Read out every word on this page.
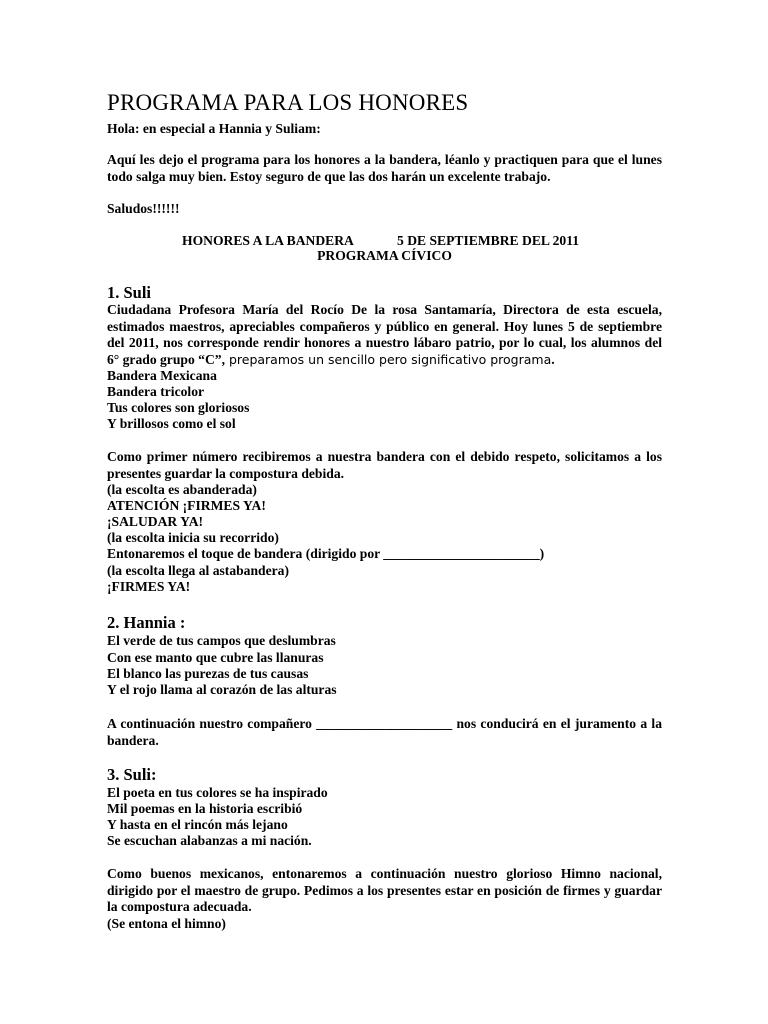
PROGRAMA PARA LOS HONORES
Hola: en especial a Hannia y Suliam:
Aquí les dejo el programa para los honores a la bandera, léanlo y practiquen para que el lunes
todo salga muy bien. Estoy seguro de que las dos harán un excelente trabajo.
Saludos!!!!!!
HONORES A LA BANDERA	5 DE SEPTIEMBRE DEL 2011
PROGRAMA CÍVICO
1. Suli
Ciudadana Profesora María del Rocío De la rosa Santamaría, Directora de esta escuela,
estimados maestros, apreciables compañeros y público en general. Hoy lunes 5 de septiembre
del 2011, nos corresponde rendir honores a nuestro lábaro patrio, por lo cual, los alumnos del
6° grado grupo “C”, preparamos un sencillo pero significativo programa.
Bandera Mexicana
Bandera tricolor
Tus colores son gloriosos
Y brillosos como el sol
Como primer número recibiremos a nuestra bandera con el debido respeto, solicitamos a los
presentes guardar la compostura debida.
(la escolta es abanderada)
ATENCIÓN ¡FIRMES YA!
¡SALUDAR YA!
(la escolta inicia su recorrido)
Entonaremos el toque de bandera (dirigido por _______________________)
(la escolta llega al astabandera)
¡FIRMES YA!
2. Hannia :
El verde de tus campos que deslumbras
Con ese manto que cubre las llanuras
El blanco las purezas de tus causas
Y el rojo llama al corazón de las alturas
A continuación nuestro compañero ____________________ nos conducirá en el juramento a la
bandera.
3. Suli:
El poeta en tus colores se ha inspirado
Mil poemas en la historia escribió
Y hasta en el rincón más lejano
Se escuchan alabanzas a mi nación.
Como buenos mexicanos, entonaremos a continuación nuestro glorioso Himno nacional,
dirigido por el maestro de grupo. Pedimos a los presentes estar en posición de firmes y guardar
la compostura adecuada.
(Se entona el himno)
